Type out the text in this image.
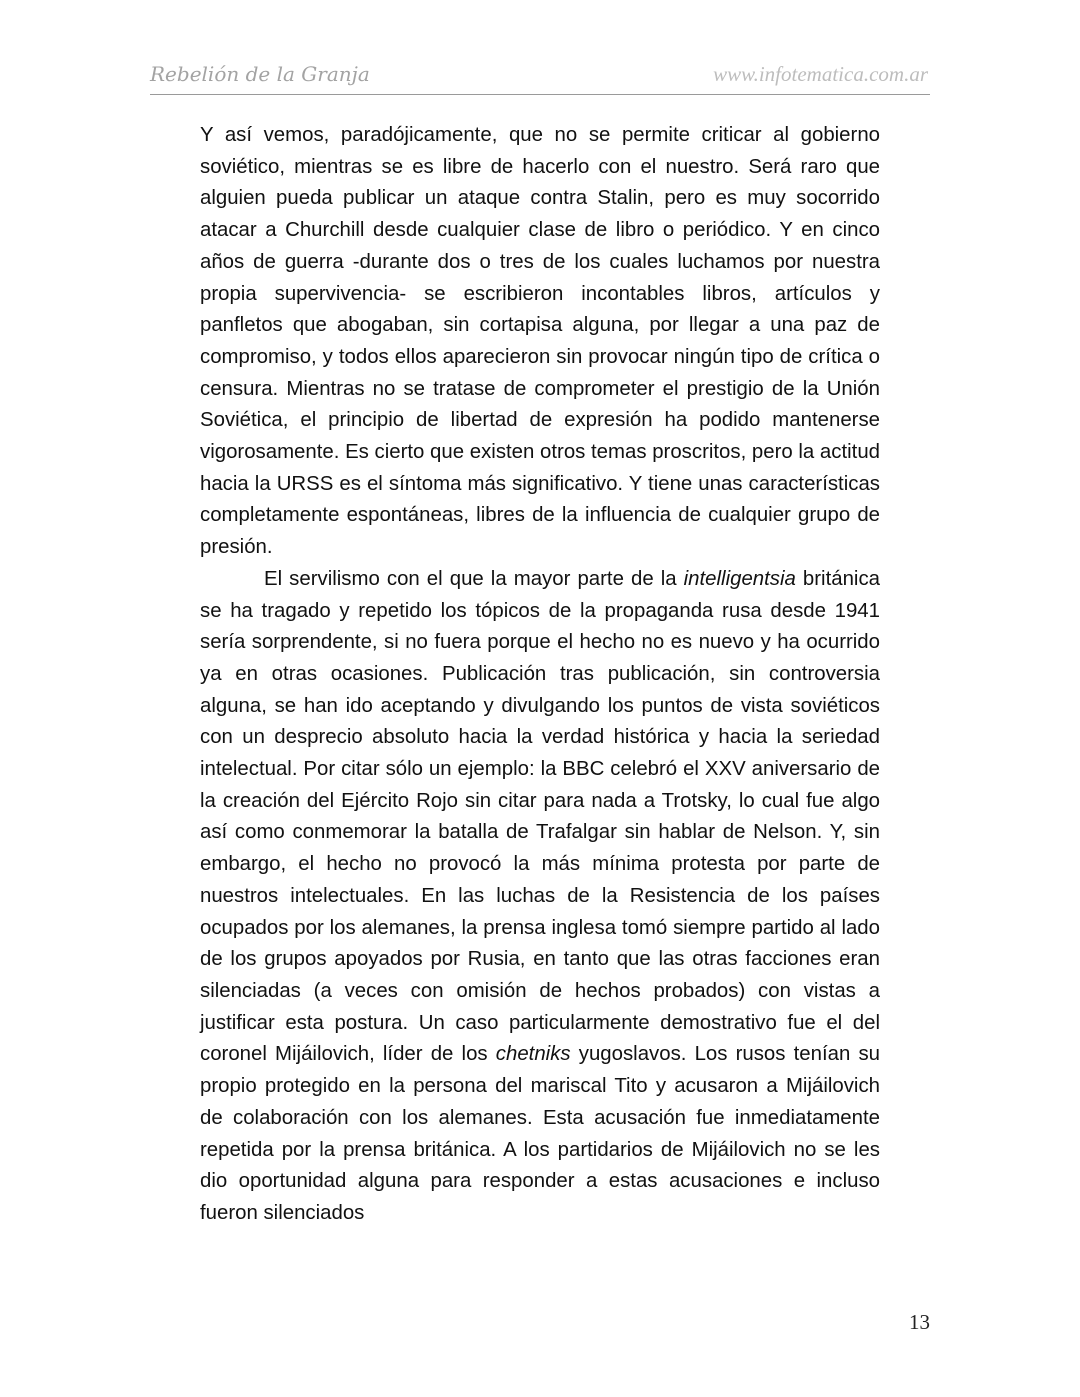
Rebelión de la Granja	www.infotematica.com.ar

Y así vemos, paradójicamente, que no se permite criticar al gobierno soviético, mientras se es libre de hacerlo con el nuestro. Será raro que alguien pueda publicar un ataque contra Stalin, pero es muy socorrido atacar a Churchill desde cualquier clase de libro o periódico. Y en cinco años de guerra -durante dos o tres de los cuales luchamos por nuestra propia supervivencia- se escribieron incontables libros, artículos y panfletos que abogaban, sin cortapisa alguna, por llegar a una paz de compromiso, y todos ellos aparecieron sin provocar ningún tipo de crítica o censura. Mientras no se tratase de comprometer el prestigio de la Unión Soviética, el principio de libertad de expresión ha podido mantenerse vigorosamente. Es cierto que existen otros temas proscritos, pero la actitud hacia la URSS es el síntoma más significativo. Y tiene unas características completamente espontáneas, libres de la influencia de cualquier grupo de presión.

El servilismo con el que la mayor parte de la intelligentsia británica se ha tragado y repetido los tópicos de la propaganda rusa desde 1941 sería sorprendente, si no fuera porque el hecho no es nuevo y ha ocurrido ya en otras ocasiones. Publicación tras publicación, sin controversia alguna, se han ido aceptando y divulgando los puntos de vista soviéticos con un desprecio absoluto hacia la verdad histórica y hacia la seriedad intelectual. Por citar sólo un ejemplo: la BBC celebró el XXV aniversario de la creación del Ejército Rojo sin citar para nada a Trotsky, lo cual fue algo así como conmemorar la batalla de Trafalgar sin hablar de Nelson. Y, sin embargo, el hecho no provocó la más mínima protesta por parte de nuestros intelectuales. En las luchas de la Resistencia de los países ocupados por los alemanes, la prensa inglesa tomó siempre partido al lado de los grupos apoyados por Rusia, en tanto que las otras facciones eran silenciadas (a veces con omisión de hechos probados) con vistas a justificar esta postura. Un caso particularmente demostrativo fue el del coronel Mijáilovich, líder de los chetniks yugoslavos. Los rusos tenían su propio protegido en la persona del mariscal Tito y acusaron a Mijáilovich de colaboración con los alemanes. Esta acusación fue inmediatamente repetida por la prensa británica. A los partidarios de Mijáilovich no se les dio oportunidad alguna para responder a estas acusaciones e incluso fueron silenciados

13
